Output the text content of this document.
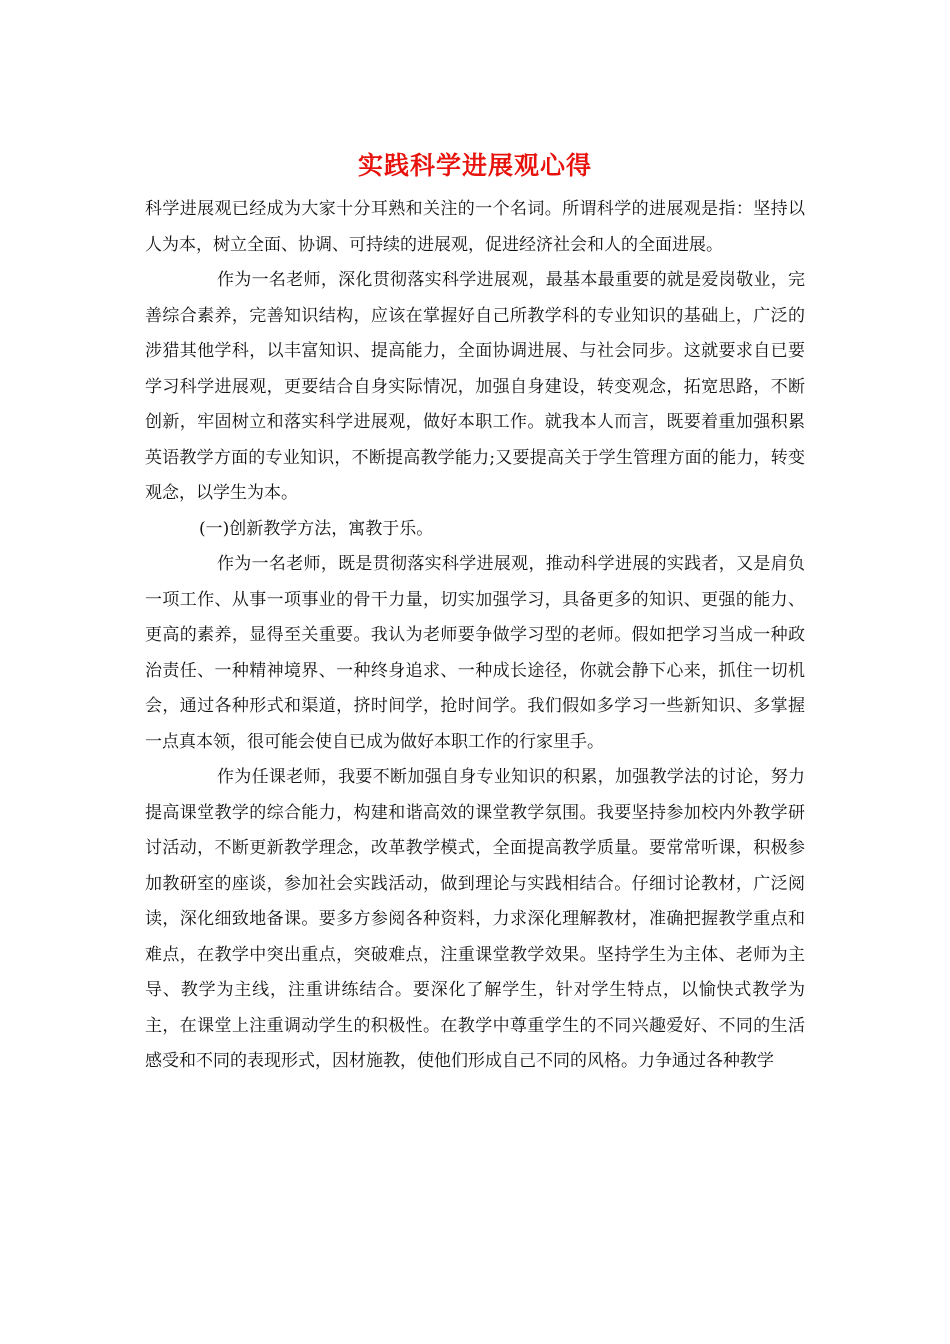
实践科学进展观心得

科学进展观已经成为大家十分耳熟和关注的一个名词。所谓科学的进展观是指：坚持以人为本，树立全面、协调、可持续的进展观，促进经济社会和人的全面进展。

作为一名老师，深化贯彻落实科学进展观，最基本最重要的就是爱岗敬业，完善综合素养，完善知识结构，应该在掌握好自己所教学科的专业知识的基础上，广泛的涉猎其他学科，以丰富知识、提高能力，全面协调进展、与社会同步。这就要求自已要学习科学进展观，更要结合自身实际情况，加强自身建设，转变观念，拓宽思路，不断创新，牢固树立和落实科学进展观，做好本职工作。就我本人而言，既要着重加强积累英语教学方面的专业知识，不断提高教学能力;又要提高关于学生管理方面的能力，转变观念，以学生为本。

(一)创新教学方法，寓教于乐。

作为一名老师，既是贯彻落实科学进展观，推动科学进展的实践者，又是肩负一项工作、从事一项事业的骨干力量，切实加强学习，具备更多的知识、更强的能力、更高的素养，显得至关重要。我认为老师要争做学习型的老师。假如把学习当成一种政治责任、一种精神境界、一种终身追求、一种成长途径，你就会静下心来，抓住一切机会，通过各种形式和渠道，挤时间学，抢时间学。我们假如多学习一些新知识、多掌握一点真本领，很可能会使自已成为做好本职工作的行家里手。

作为任课老师，我要不断加强自身专业知识的积累，加强教学法的讨论，努力提高课堂教学的综合能力，构建和谐高效的课堂教学氛围。我要坚持参加校内外教学研讨活动，不断更新教学理念，改革教学模式，全面提高教学质量。要常常听课，积极参加教研室的座谈，参加社会实践活动，做到理论与实践相结合。仔细讨论教材，广泛阅读，深化细致地备课。要多方参阅各种资料，力求深化理解教材，准确把握教学重点和难点，在教学中突出重点，突破难点，注重课堂教学效果。坚持学生为主体、老师为主导、教学为主线，注重讲练结合。要深化了解学生，针对学生特点，以愉快式教学为主，在课堂上注重调动学生的积极性。在教学中尊重学生的不同兴趣爱好、不同的生活感受和不同的表现形式，因材施教，使他们形成自己不同的风格。力争通过各种教学
